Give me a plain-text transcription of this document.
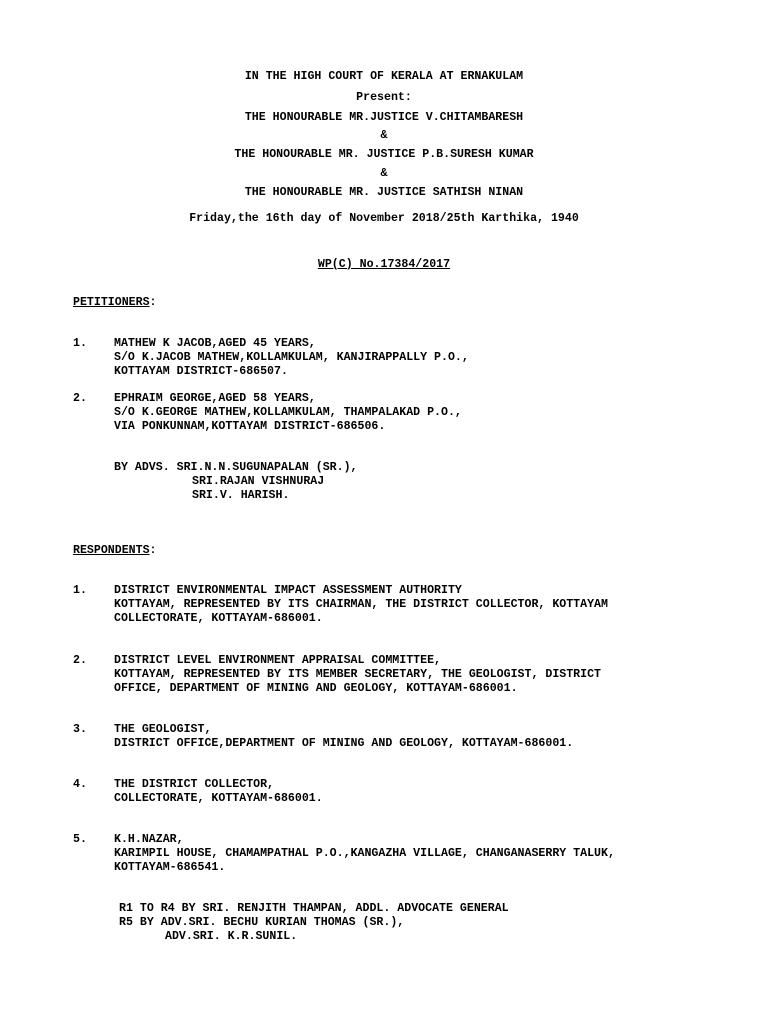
IN THE HIGH COURT OF KERALA AT ERNAKULAM
Present:
THE HONOURABLE MR.JUSTICE V.CHITAMBARESH
&
THE HONOURABLE MR. JUSTICE P.B.SURESH KUMAR
&
THE HONOURABLE MR. JUSTICE SATHISH NINAN
Friday,the 16th day of November 2018/25th Karthika, 1940
WP(C) No.17384/2017
PETITIONERS:
1. MATHEW K JACOB,AGED 45 YEARS,
S/O K.JACOB MATHEW,KOLLAMKULAM, KANJIRAPPALLY P.O.,
KOTTAYAM DISTRICT-686507.
2. EPHRAIM GEORGE,AGED 58 YEARS,
S/O K.GEORGE MATHEW,KOLLAMKULAM, THAMPALAKAD P.O.,
VIA PONKUNNAM,KOTTAYAM DISTRICT-686506.
BY ADVS. SRI.N.N.SUGUNAPALAN (SR.),
SRI.RAJAN VISHNURAJ
SRI.V. HARISH.
RESPONDENTS:
1. DISTRICT ENVIRONMENTAL IMPACT ASSESSMENT AUTHORITY
KOTTAYAM, REPRESENTED BY ITS CHAIRMAN, THE DISTRICT COLLECTOR, KOTTAYAM
COLLECTORATE, KOTTAYAM-686001.
2. DISTRICT LEVEL ENVIRONMENT APPRAISAL COMMITTEE,
KOTTAYAM, REPRESENTED BY ITS MEMBER SECRETARY, THE GEOLOGIST, DISTRICT
OFFICE, DEPARTMENT OF MINING AND GEOLOGY, KOTTAYAM-686001.
3. THE GEOLOGIST,
DISTRICT OFFICE,DEPARTMENT OF MINING AND GEOLOGY, KOTTAYAM-686001.
4. THE DISTRICT COLLECTOR,
COLLECTORATE, KOTTAYAM-686001.
5. K.H.NAZAR,
KARIMPIL HOUSE, CHAMAMPATHAL P.O.,KANGAZHA VILLAGE, CHANGANASERRY TALUK,
KOTTAYAM-686541.
R1 TO R4 BY SRI. RENJITH THAMPAN, ADDL. ADVOCATE GENERAL
R5 BY ADV.SRI. BECHU KURIAN THOMAS (SR.),
ADV.SRI. K.R.SUNIL.
